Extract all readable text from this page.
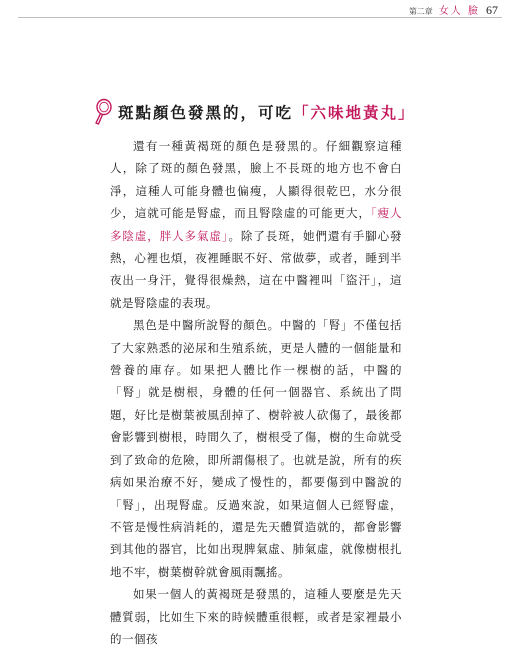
第二章 女人 臉 67
斑點顏色發黑的，可吃「六味地黃丸」

還有一種黃褐斑的顏色是發黑的。仔細觀察這種人，除了斑的顏色發黑，臉上不長斑的地方也不會白淨，這種人可能身體也偏瘦，人顯得很乾巴，水分很少，這就可能是腎虛，而且腎陰虛的可能更大，「瘦人多陰虛，胖人多氣虛」。除了長斑，她們還有手腳心發熱，心裡也煩，夜裡睡眠不好、常做夢，或者，睡到半夜出一身汗，覺得很燥熱，這在中醫裡叫「盜汗」，這就是腎陰虛的表現。

黑色是中醫所說腎的顏色。中醫的「腎」不僅包括了大家熟悉的泌尿和生殖系統，更是人體的一個能量和營養的庫存。如果把人體比作一棵樹的話，中醫的「腎」就是樹根，身體的任何一個器官、系統出了問題，好比是樹葉被風刮掉了、樹幹被人砍傷了，最後都會影響到樹根，時間久了，樹根受了傷，樹的生命就受到了致命的危險，即所謂傷根了。也就是說，所有的疾病如果治療不好，變成了慢性的，都要傷到中醫說的「腎」，出現腎虛。反過來說，如果這個人已經腎虛，不管是慢性病消耗的，還是先天體質造就的，都會影響到其他的器官，比如出現脾氣虛、肺氣虛，就像樹根扎地不牢，樹葉樹幹就會風雨飄搖。

如果一個人的黃褐斑是發黑的，這種人要麼是先天體質弱，比如生下來的時候體重很輕，或者是家裡最小的一個孩
